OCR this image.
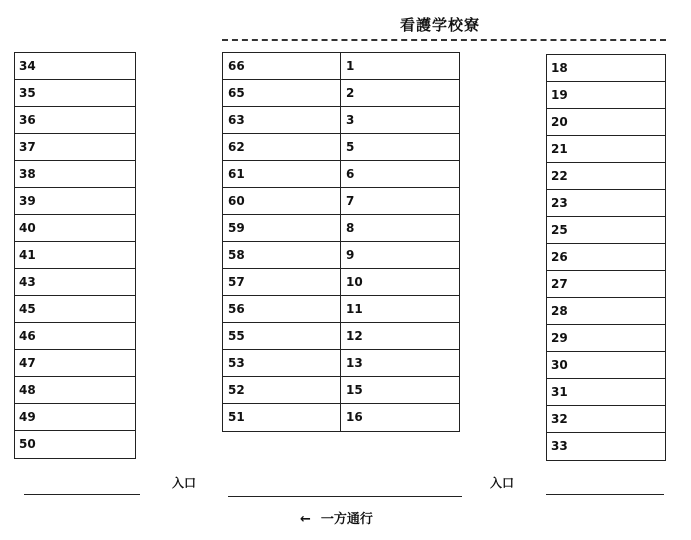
看護学校寮
34
35
36
37
38
39
40
41
43
45
46
47
48
49
50
66	1
65	2
63	3
62	5
61	6
60	7
59	8
58	9
57	10
56	11
55	12
53	13
52	15
51	16
18
19
20
21
22
23
25
26
27
28
29
30
31
32
33
入口	入口
← 一方通行
